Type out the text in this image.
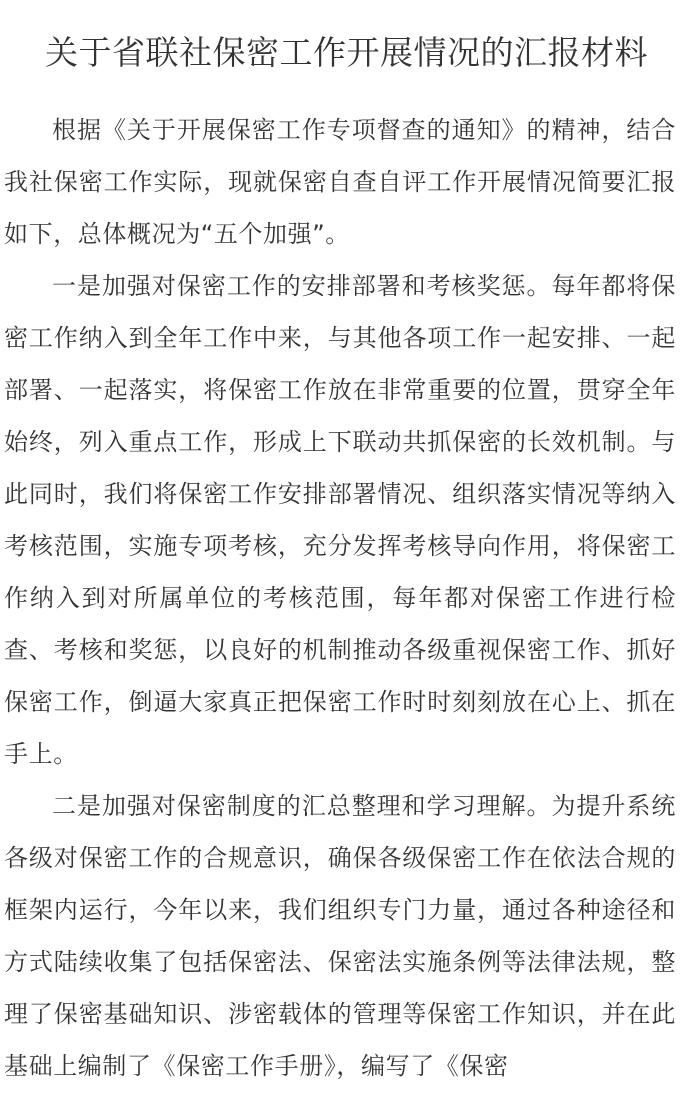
关于省联社保密工作开展情况的汇报材料

根据《关于开展保密工作专项督查的通知》的精神，结合我社保密工作实际，现就保密自查自评工作开展情况简要汇报如下，总体概况为“五个加强”。

一是加强对保密工作的安排部署和考核奖惩。每年都将保密工作纳入到全年工作中来，与其他各项工作一起安排、一起部署、一起落实，将保密工作放在非常重要的位置，贯穿全年始终，列入重点工作，形成上下联动共抓保密的长效机制。与此同时，我们将保密工作安排部署情况、组织落实情况等纳入考核范围，实施专项考核，充分发挥考核导向作用，将保密工作纳入到对所属单位的考核范围，每年都对保密工作进行检查、考核和奖惩，以良好的机制推动各级重视保密工作、抓好保密工作，倒逼大家真正把保密工作时时刻刻放在心上、抓在手上。

二是加强对保密制度的汇总整理和学习理解。为提升系统各级对保密工作的合规意识，确保各级保密工作在依法合规的框架内运行，今年以来，我们组织专门力量，通过各种途径和方式陆续收集了包括保密法、保密法实施条例等法律法规，整理了保密基础知识、涉密载体的管理等保密工作知识，并在此基础上编制了《保密工作手册》，编写了《保密
